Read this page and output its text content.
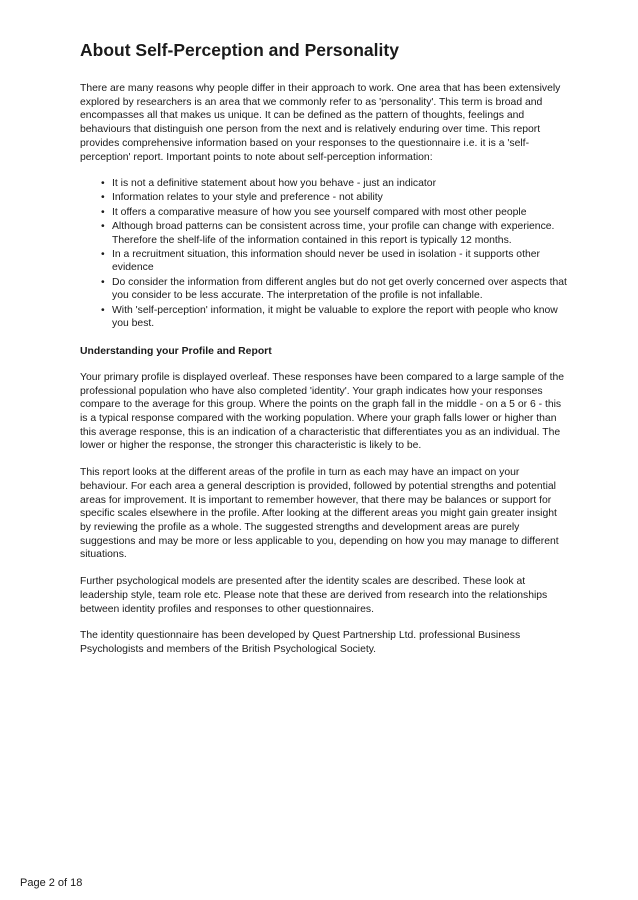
About Self-Perception and Personality

There are many reasons why people differ in their approach to work. One area that has been extensively explored by researchers is an area that we commonly refer to as 'personality'. This term is broad and encompasses all that makes us unique. It can be defined as the pattern of thoughts, feelings and behaviours that distinguish one person from the next and is relatively enduring over time. This report provides comprehensive information based on your responses to the questionnaire i.e. it is a 'self-perception' report. Important points to note about self-perception information:

• It is not a definitive statement about how you behave - just an indicator
• Information relates to your style and preference - not ability
• It offers a comparative measure of how you see yourself compared with most other people
• Although broad patterns can be consistent across time, your profile can change with experience. Therefore the shelf-life of the information contained in this report is typically 12 months.
• In a recruitment situation, this information should never be used in isolation - it supports other evidence
• Do consider the information from different angles but do not get overly concerned over aspects that you consider to be less accurate. The interpretation of the profile is not infallable.
• With 'self-perception' information, it might be valuable to explore the report with people who know you best.
Understanding your Profile and Report

Your primary profile is displayed overleaf. These responses have been compared to a large sample of the professional population who have also completed 'identity'. Your graph indicates how your responses compare to the average for this group. Where the points on the graph fall in the middle - on a 5 or 6 - this is a typical response compared with the working population. Where your graph falls lower or higher than this average response, this is an indication of a characteristic that differentiates you as an individual. The lower or higher the response, the stronger this characteristic is likely to be.

This report looks at the different areas of the profile in turn as each may have an impact on your behaviour. For each area a general description is provided, followed by potential strengths and potential areas for improvement. It is important to remember however, that there may be balances or support for specific scales elsewhere in the profile. After looking at the different areas you might gain greater insight by reviewing the profile as a whole. The suggested strengths and development areas are purely suggestions and may be more or less applicable to you, depending on how you may manage to different situations.

Further psychological models are presented after the identity scales are described. These look at leadership style, team role etc. Please note that these are derived from research into the relationships between identity profiles and responses to other questionnaires.

The identity questionnaire has been developed by Quest Partnership Ltd. professional Business Psychologists and members of the British Psychological Society.

Page 2 of 18
